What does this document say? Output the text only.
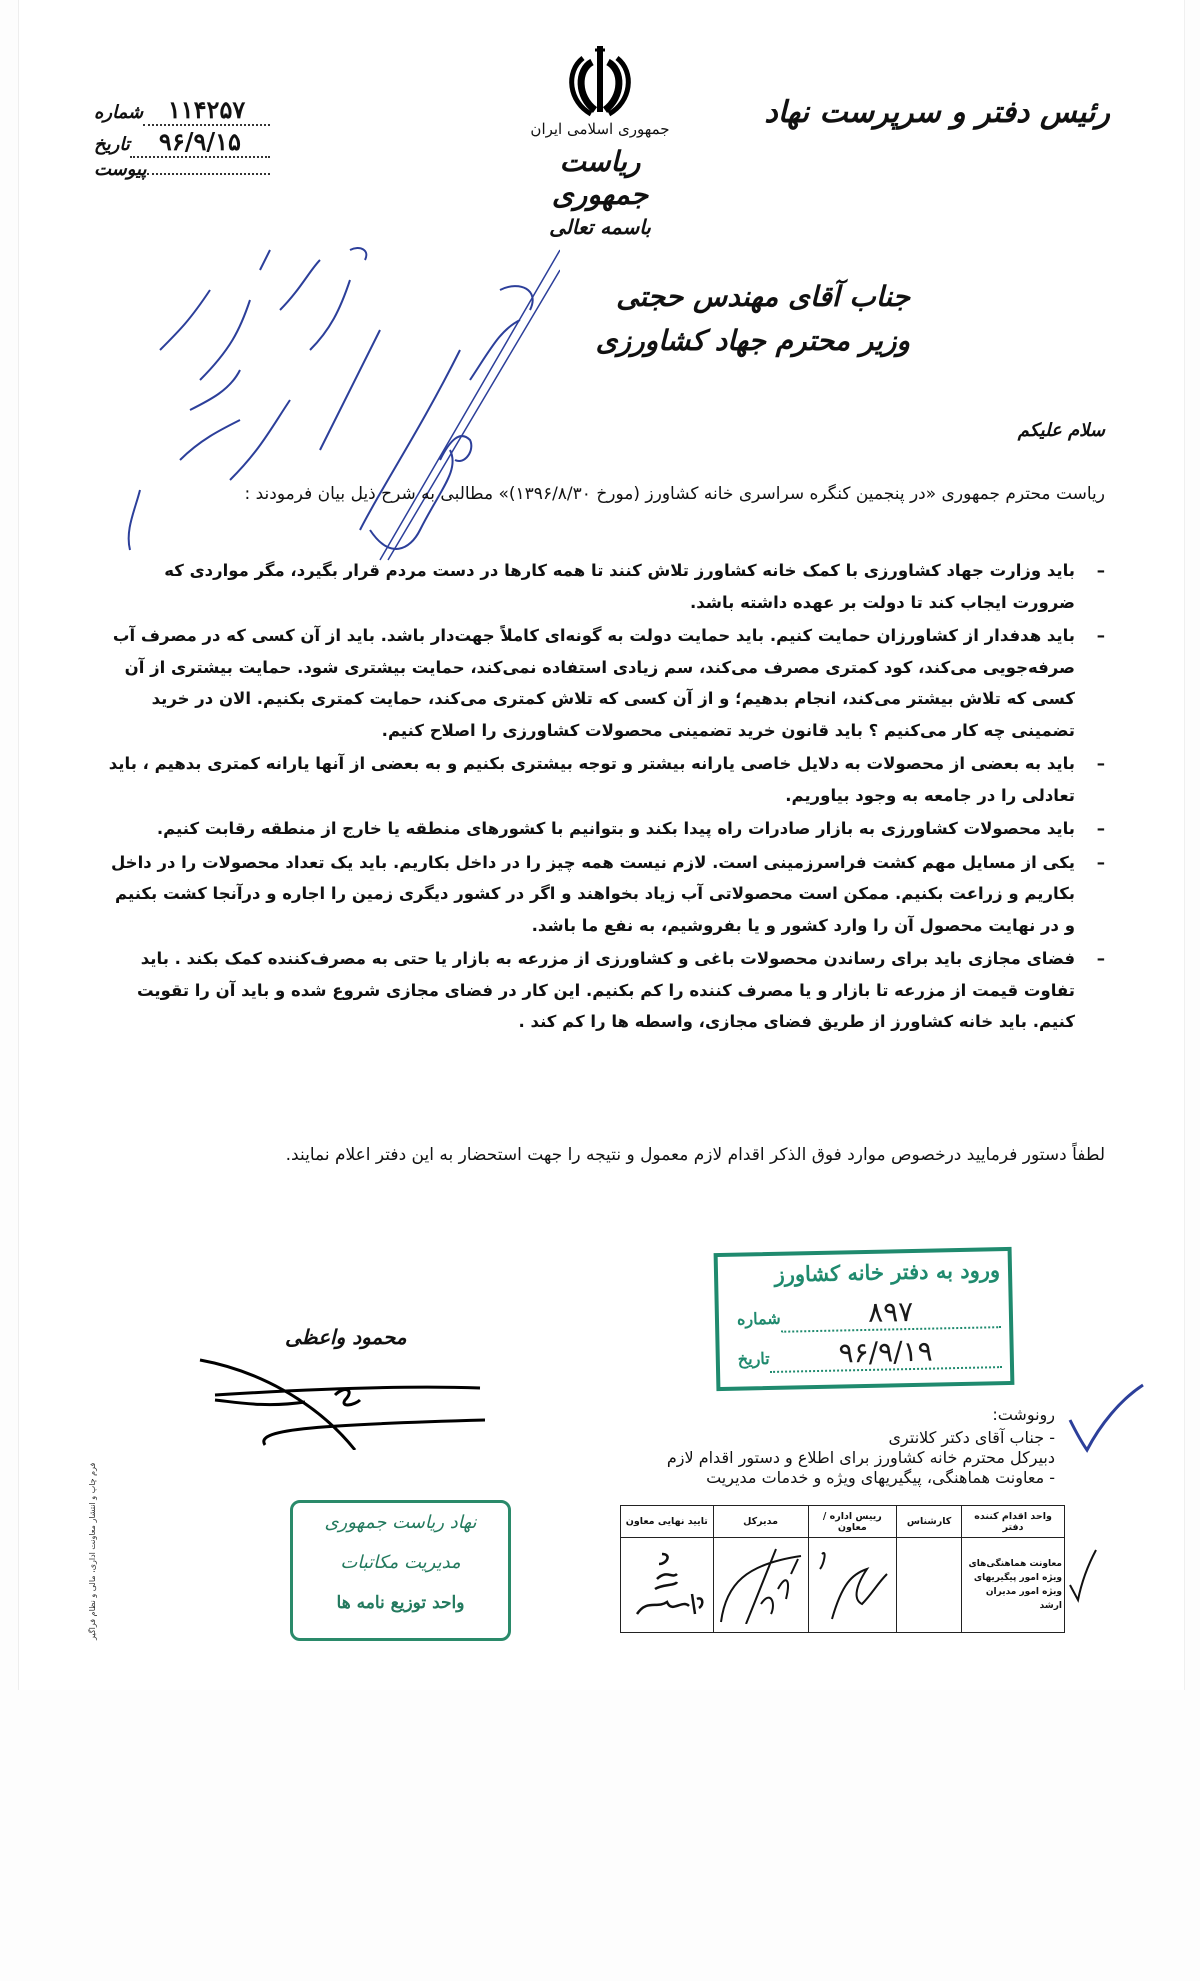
جمهوری اسلامی ایران
ریاست جمهوری
باسمه تعالی
شماره	۱۱۴۲۵۷
تاریخ	۹۶/۹/۱۵
پیوست
رئیس دفتر و سرپرست نهاد
جناب آقای مهندس حجتی
وزیر محترم جهاد کشاورزی
سلام علیکم
ریاست محترم جمهوری «در پنجمین کنگره سراسری خانه کشاورز (مورخ ۱۳۹۶/۸/۳۰)» مطالبی به شرح ذیل بیان فرمودند :
–
باید وزارت جهاد کشاورزی با کمک خانه کشاورز تلاش کنند تا همه کارها در دست مردم قرار بگیرد، مگر مواردی که ضرورت ایجاب کند تا دولت بر عهده داشته باشد.
–
باید هدفدار از کشاورزان حمایت کنیم. باید حمایت دولت به گونه‌ای کاملاً جهت‌دار باشد. باید از آن کسی که در مصرف آب صرفه‌جویی می‌کند، کود کمتری مصرف می‌کند، سم زیادی استفاده نمی‌کند، حمایت بیشتری شود. حمایت بیشتری از آن کسی که تلاش بیشتر می‌کند، انجام بدهیم؛ و از آن کسی که تلاش کمتری می‌کند، حمایت کمتری بکنیم. الان در خرید تضمینی چه کار می‌کنیم ؟ باید قانون خرید تضمینی محصولات کشاورزی را اصلاح کنیم.
–
باید به بعضی از محصولات به دلایل خاصی یارانه بیشتر و توجه بیشتری بکنیم و به بعضی از آنها یارانه کمتری بدهیم ، باید تعادلی را در جامعه به وجود بیاوریم.
–
باید محصولات کشاورزی به بازار صادرات راه پیدا بکند و بتوانیم با کشورهای منطقه یا خارج از منطقه رقابت کنیم.
–
یکی از مسایل مهم کشت فراسرزمینی است. لازم نیست همه چیز را در داخل بکاریم. باید یک تعداد محصولات را در داخل بکاریم و زراعت بکنیم. ممکن است محصولاتی آب زیاد بخواهند و اگر در کشور دیگری زمین را اجاره و درآنجا کشت بکنیم و در نهایت محصول آن را وارد کشور و یا بفروشیم، به نفع ما باشد.
–
فضای مجازی باید برای رساندن محصولات باغی و کشاورزی از مزرعه به بازار یا حتی به مصرف‌کننده کمک بکند . باید تفاوت قیمت از مزرعه تا بازار و یا مصرف کننده را کم بکنیم. این کار در فضای مجازی شروع شده و باید آن را تقویت کنیم. باید خانه کشاورز از طریق فضای مجازی، واسطه ها را کم کند .
لطفاً دستور فرمایید درخصوص موارد فوق الذکر اقدام لازم معمول و نتیجه را جهت استحضار به این دفتر اعلام نمایند.
ورود به دفتر خانه کشاورز
شماره	۸۹۷
تاریخ	۹۶/۹/۱۹
محمود واعظی
رونوشت:
- جناب آقای دکتر کلانتری
دبیرکل محترم خانه کشاورز برای اطلاع و دستور اقدام لازم
- معاونت هماهنگی، پیگیریهای ویژه و خدمات مدیریت
واحد اقدام کننده دفتر	کارشناس	رییس اداره /معاون	مدیرکل	تایید نهایی معاون
معاونت هماهنگی‌های ویژه امور پیگیریهای ویژه امور مدیران ارشد				
نهاد ریاست جمهوری
مدیریت مکاتبات
واحد توزیع نامه ها
فرم چاپ و انتشار معاونت اداری، مالی و نظام فراگیر
